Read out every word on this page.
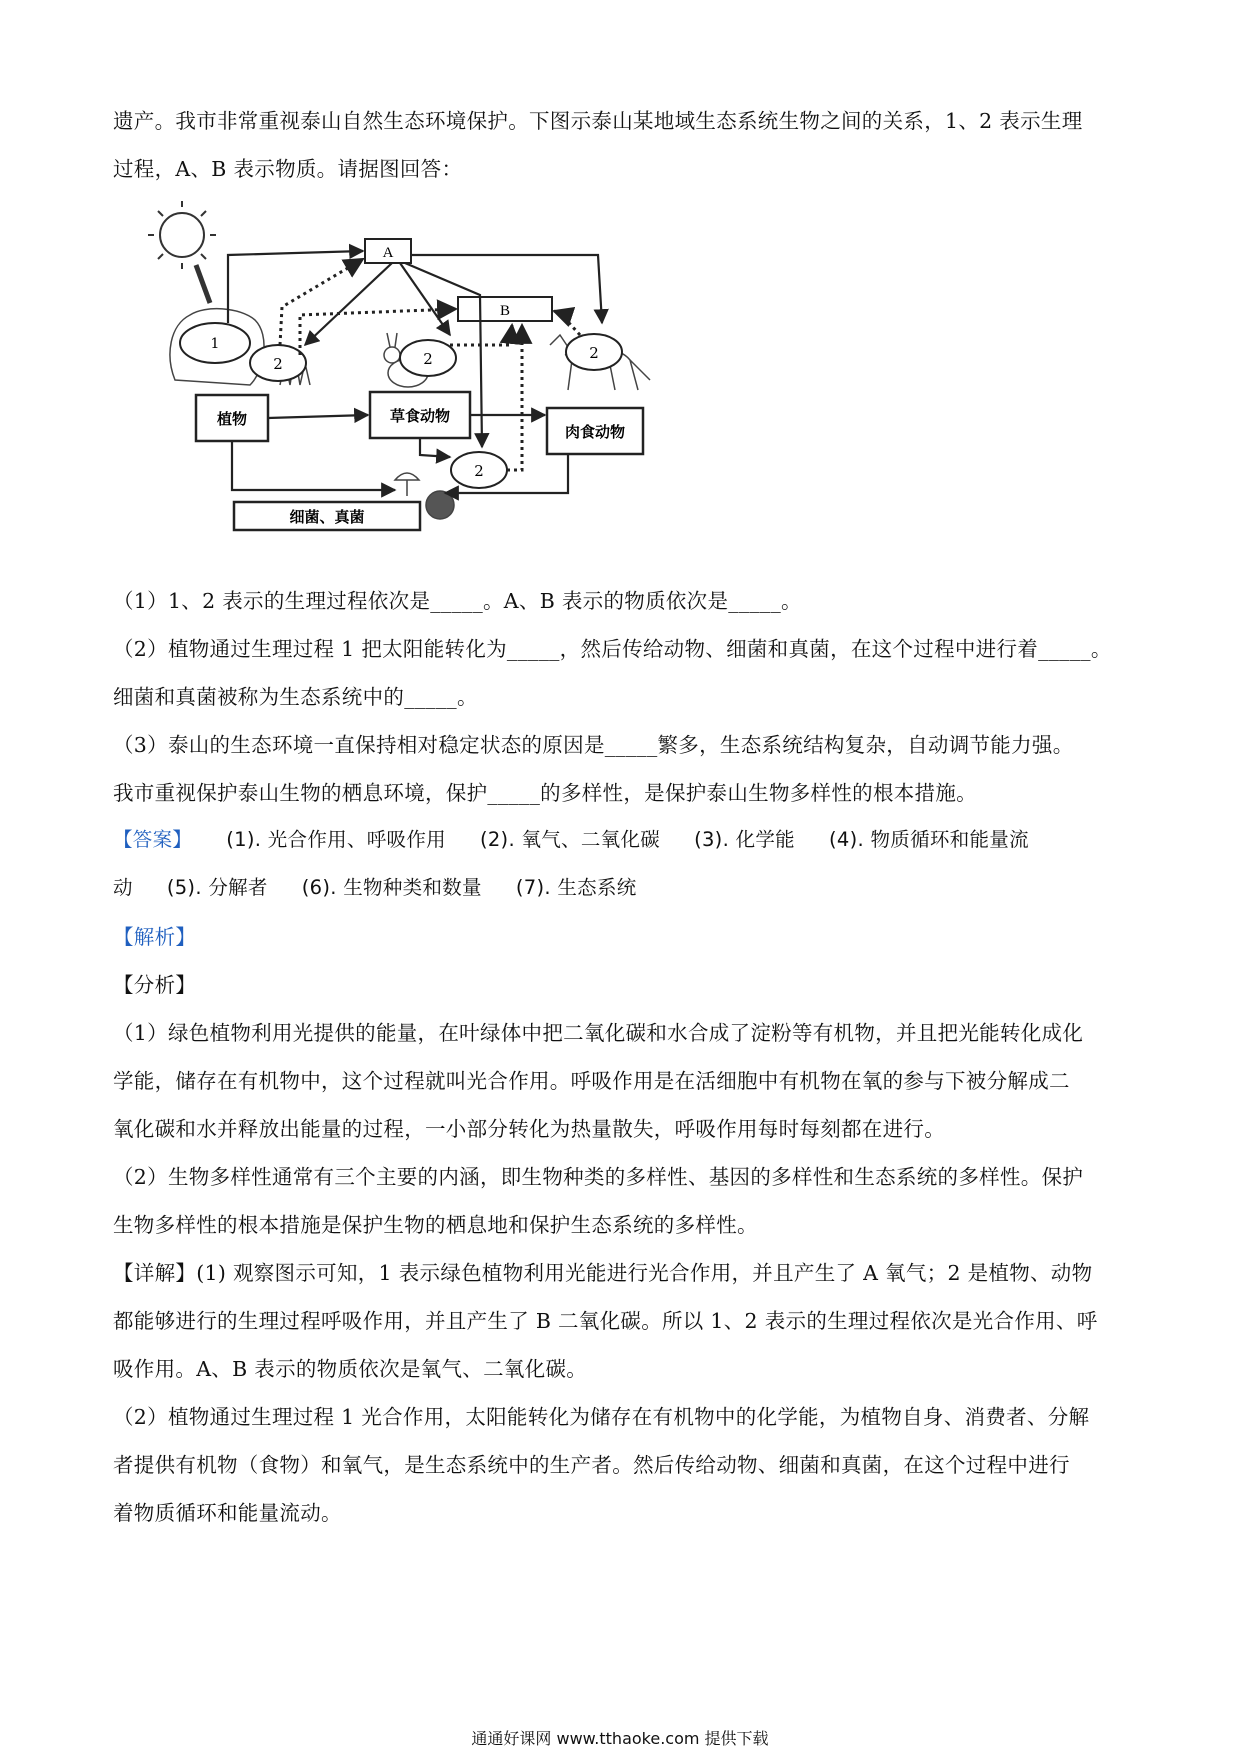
遗产。我市非常重视泰山自然生态环境保护。下图示泰山某地域生态系统生物之间的关系，1、2 表示生理
过程，A、B 表示物质。请据图回答：
A
B
1
2	2	2
2
植物	草食动物
肉食动物
细菌、真菌
（1）1、2 表示的生理过程依次是_____。A、B 表示的物质依次是_____。
（2）植物通过生理过程 1 把太阳能转化为_____，然后传给动物、细菌和真菌，在这个过程中进行着_____。
细菌和真菌被称为生态系统中的_____。
（3）泰山的生态环境一直保持相对稳定状态的原因是_____繁多，生态系统结构复杂，自动调节能力强。
我市重视保护泰山生物的栖息环境，保护_____的多样性，是保护泰山生物多样性的根本措施。
【答案】 (1). 光合作用、呼吸作用 (2). 氧气、二氧化碳 (3). 化学能 (4). 物质循环和能量流
动 (5). 分解者 (6). 生物种类和数量 (7). 生态系统
【解析】
【分析】
（1）绿色植物利用光提供的能量，在叶绿体中把二氧化碳和水合成了淀粉等有机物，并且把光能转化成化
学能，储存在有机物中，这个过程就叫光合作用。呼吸作用是在活细胞中有机物在氧的参与下被分解成二
氧化碳和水并释放出能量的过程，一小部分转化为热量散失，呼吸作用每时每刻都在进行。
（2）生物多样性通常有三个主要的内涵，即生物种类的多样性、基因的多样性和生态系统的多样性。保护
生物多样性的根本措施是保护生物的栖息地和保护生态系统的多样性。
【详解】(1) 观察图示可知，1 表示绿色植物利用光能进行光合作用，并且产生了 A 氧气；2 是植物、动物
都能够进行的生理过程呼吸作用，并且产生了 B 二氧化碳。所以 1、2 表示的生理过程依次是光合作用、呼
吸作用。A、B 表示的物质依次是氧气、二氧化碳。
（2）植物通过生理过程 1 光合作用，太阳能转化为储存在有机物中的化学能，为植物自身、消费者、分解
者提供有机物（食物）和氧气，是生态系统中的生产者。然后传给动物、细菌和真菌，在这个过程中进行
着物质循环和能量流动。
通通好课网 www.tthaoke.com 提供下载
